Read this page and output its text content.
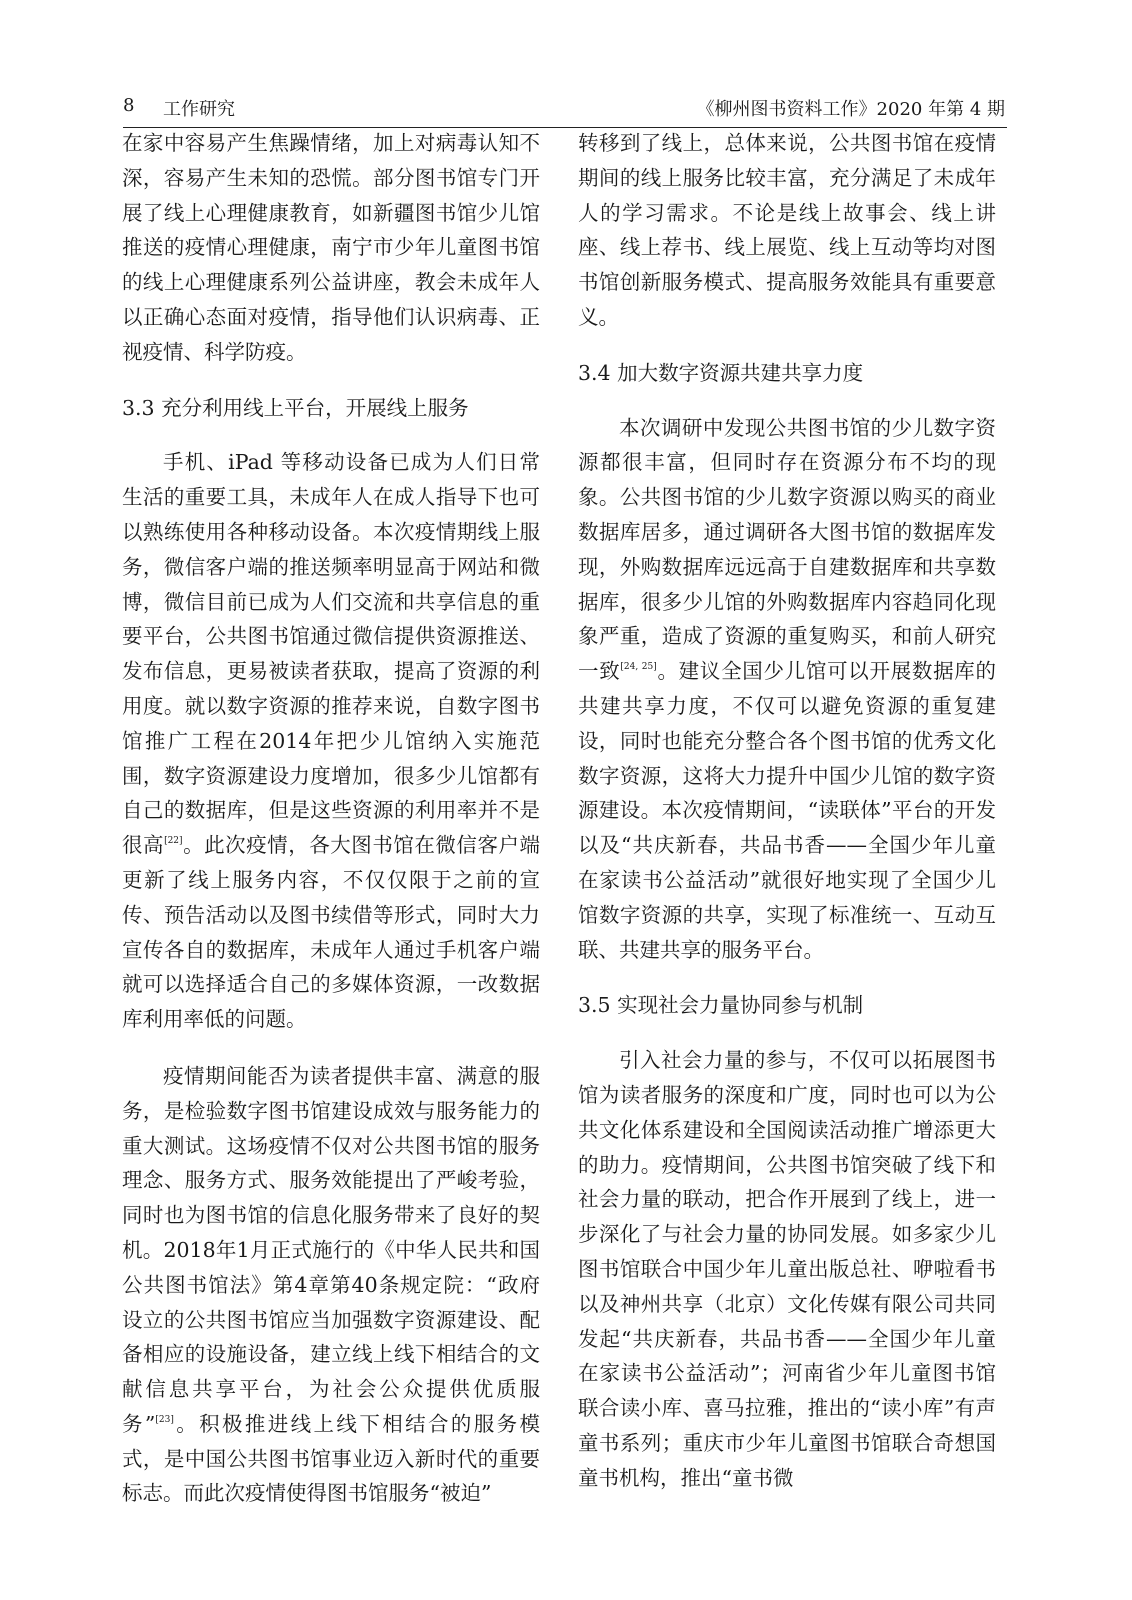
8 工作研究	《柳州图书资料工作》2020 年第 4 期

在家中容易产生焦躁情绪，加上对病毒认知不深，容易产生未知的恐慌。部分图书馆专门开展了线上心理健康教育，如新疆图书馆少儿馆推送的疫情心理健康，南宁市少年儿童图书馆的线上心理健康系列公益讲座，教会未成年人以正确心态面对疫情，指导他们认识病毒、正视疫情、科学防疫。

3.3 充分利用线上平台，开展线上服务

手机、iPad 等移动设备已成为人们日常生活的重要工具，未成年人在成人指导下也可以熟练使用各种移动设备。本次疫情期线上服务，微信客户端的推送频率明显高于网站和微博，微信目前已成为人们交流和共享信息的重要平台，公共图书馆通过微信提供资源推送、发布信息，更易被读者获取，提高了资源的利用度。就以数字资源的推荐来说，自数字图书馆推广工程在2014年把少儿馆纳入实施范围，数字资源建设力度增加，很多少儿馆都有自己的数据库，但是这些资源的利用率并不是很高[22]。此次疫情，各大图书馆在微信客户端更新了线上服务内容，不仅仅限于之前的宣传、预告活动以及图书续借等形式，同时大力宣传各自的数据库，未成年人通过手机客户端就可以选择适合自己的多媒体资源，一改数据库利用率低的问题。

疫情期间能否为读者提供丰富、满意的服务，是检验数字图书馆建设成效与服务能力的重大测试。这场疫情不仅对公共图书馆的服务理念、服务方式、服务效能提出了严峻考验，同时也为图书馆的信息化服务带来了良好的契机。2018年1月正式施行的《中华人民共和国公共图书馆法》第4章第40条规定院：“政府设立的公共图书馆应当加强数字资源建设、配备相应的设施设备，建立线上线下相结合的文献信息共享平台，为社会公众提供优质服务”[23]。积极推进线上线下相结合的服务模式，是中国公共图书馆事业迈入新时代的重要标志。而此次疫情使得图书馆服务“被迫”

转移到了线上，总体来说，公共图书馆在疫情期间的线上服务比较丰富，充分满足了未成年人的学习需求。不论是线上故事会、线上讲座、线上荐书、线上展览、线上互动等均对图书馆创新服务模式、提高服务效能具有重要意义。

3.4 加大数字资源共建共享力度

本次调研中发现公共图书馆的少儿数字资源都很丰富，但同时存在资源分布不均的现象。公共图书馆的少儿数字资源以购买的商业数据库居多，通过调研各大图书馆的数据库发现，外购数据库远远高于自建数据库和共享数据库，很多少儿馆的外购数据库内容趋同化现象严重，造成了资源的重复购买，和前人研究一致[24, 25]。建议全国少儿馆可以开展数据库的共建共享力度，不仅可以避免资源的重复建设，同时也能充分整合各个图书馆的优秀文化数字资源，这将大力提升中国少儿馆的数字资源建设。本次疫情期间，“读联体”平台的开发以及“共庆新春，共品书香——全国少年儿童在家读书公益活动”就很好地实现了全国少儿馆数字资源的共享，实现了标准统一、互动互联、共建共享的服务平台。

3.5 实现社会力量协同参与机制

引入社会力量的参与，不仅可以拓展图书馆为读者服务的深度和广度，同时也可以为公共文化体系建设和全国阅读活动推广增添更大的助力。疫情期间，公共图书馆突破了线下和社会力量的联动，把合作开展到了线上，进一步深化了与社会力量的协同发展。如多家少儿图书馆联合中国少年儿童出版总社、咿啦看书以及神州共享（北京）文化传媒有限公司共同发起“共庆新春，共品书香——全国少年儿童在家读书公益活动”；河南省少年儿童图书馆联合读小库、喜马拉雅，推出的“读小库”有声童书系列；重庆市少年儿童图书馆联合奇想国童书机构，推出“童书微
